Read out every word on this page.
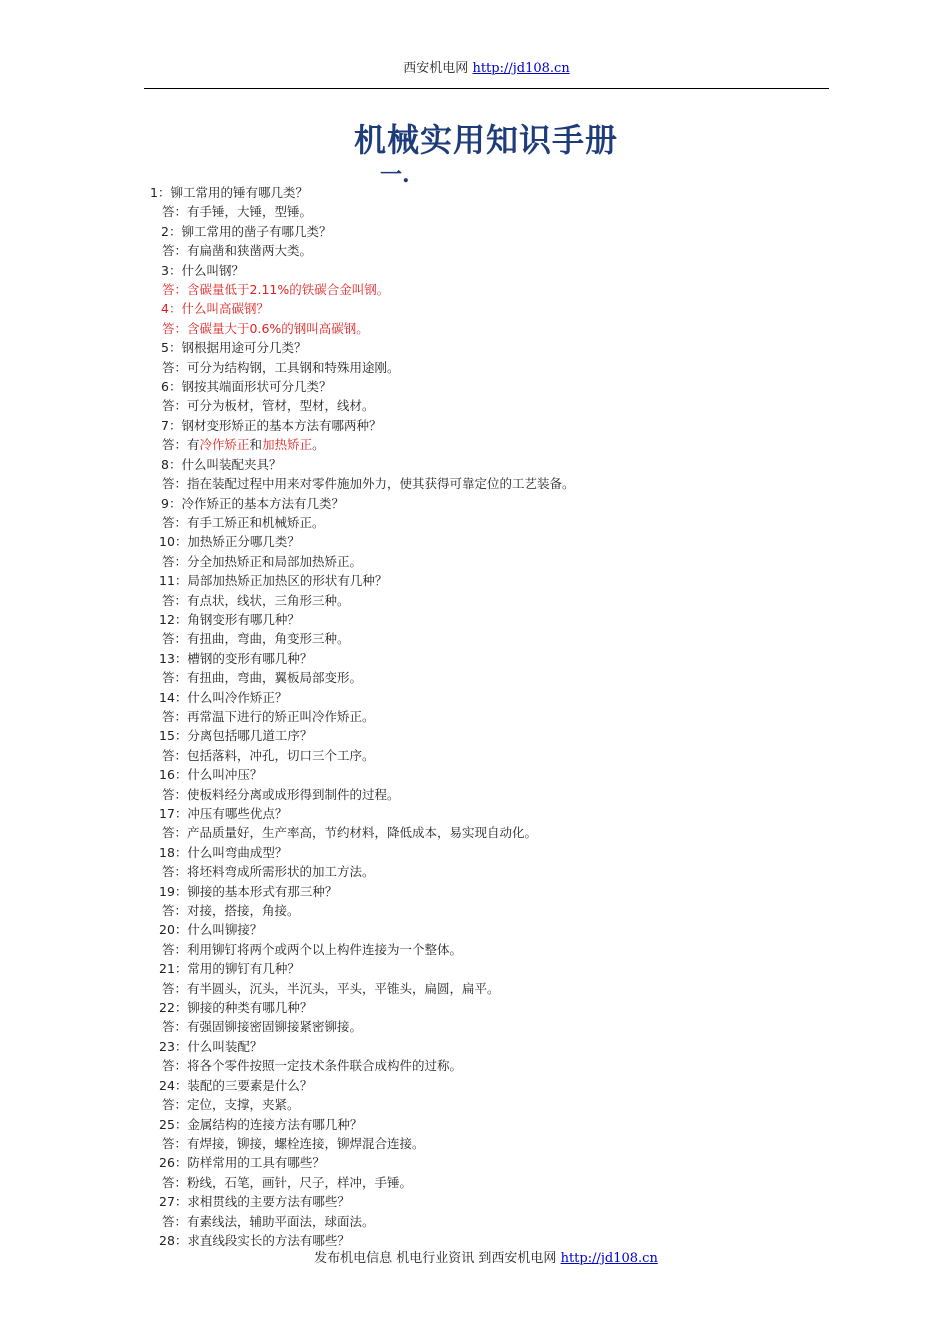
西安机电网 http://jd108.cn
机械实用知识手册
一.
1：铆工常用的锤有哪几类？
答：有手锤，大锤，型锤。
2：铆工常用的凿子有哪几类？
答：有扁凿和狭凿两大类。
3：什么叫钢？
答：含碳量低于2.11%的铁碳合金叫钢。
4：什么叫高碳钢？
答：含碳量大于0.6%的钢叫高碳钢。
5：钢根据用途可分几类？
答：可分为结构钢，工具钢和特殊用途刚。
6：钢按其端面形状可分几类？
答：可分为板材，管材，型材，线材。
7：钢材变形矫正的基本方法有哪两种？
答：有冷作矫正和加热矫正。
8：什么叫装配夹具？
答：指在装配过程中用来对零件施加外力，使其获得可靠定位的工艺装备。
9：冷作矫正的基本方法有几类？
答：有手工矫正和机械矫正。
10：加热矫正分哪几类？
答：分全加热矫正和局部加热矫正。
11：局部加热矫正加热区的形状有几种？
答：有点状，线状，三角形三种。
12：角钢变形有哪几种？
答：有扭曲，弯曲，角变形三种。
13：槽钢的变形有哪几种？
答：有扭曲，弯曲，翼板局部变形。
14：什么叫冷作矫正？
答：再常温下进行的矫正叫冷作矫正。
15：分离包括哪几道工序？
答：包括落料，冲孔，切口三个工序。
16：什么叫冲压？
答：使板料经分离或成形得到制件的过程。
17：冲压有哪些优点？
答：产品质量好，生产率高，节约材料，降低成本，易实现自动化。
18：什么叫弯曲成型？
答：将坯料弯成所需形状的加工方法。
19：铆接的基本形式有那三种？
答：对接，搭接，角接。
20：什么叫铆接？
答：利用铆钉将两个或两个以上构件连接为一个整体。
21：常用的铆钉有几种？
答：有半圆头，沉头，半沉头，平头，平锥头，扁圆，扁平。
22：铆接的种类有哪几种？
答：有强固铆接密固铆接紧密铆接。
23：什么叫装配？
答：将各个零件按照一定技术条件联合成构件的过称。
24：装配的三要素是什么？
答：定位，支撑，夹紧。
25：金属结构的连接方法有哪几种？
答：有焊接，铆接，螺栓连接，铆焊混合连接。
26：防样常用的工具有哪些？
答：粉线，石笔，画针，尺子，样冲，手锤。
27：求相贯线的主要方法有哪些？
答：有素线法，辅助平面法，球面法。
28：求直线段实长的方法有哪些？
发布机电信息 机电行业资讯 到西安机电网 http://jd108.cn
